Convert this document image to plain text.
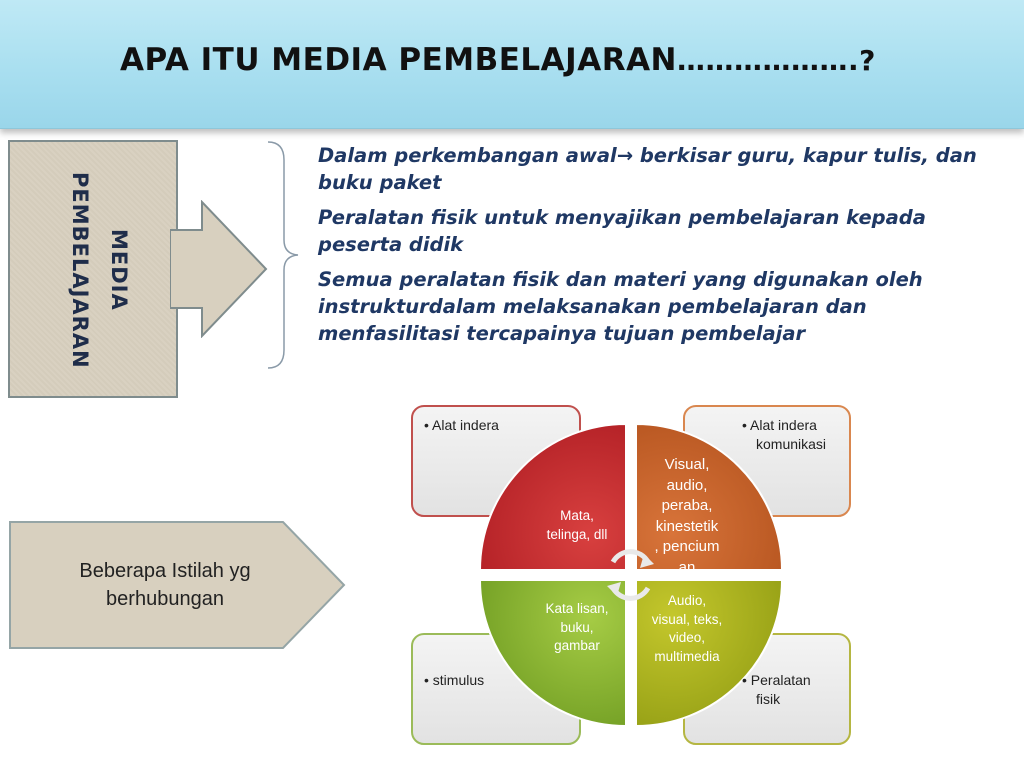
APA ITU MEDIA PEMBELAJARAN……………….?
MEDIA
PEMBELAJARAN

Dalam perkembangan awal→ berkisar guru, kapur tulis, dan buku paket

Peralatan fisik untuk menyajikan pembelajaran kepada peserta didik

Semua peralatan fisik dan materi yang digunakan oleh instrukturdalam melaksanakan pembelajaran dan menfasilitasi tercapainya tujuan pembelajar

Beberapa Istilah yg berhubungan
• Alat indera	• Alat indera
komunikasi
• stimulus	• Peralatan
fisik
Mata,
telinga, dll
Visual,
audio,
peraba,
kinestetik
, pencium
an
Kata lisan,
buku,
gambar
Audio,
visual, teks,
video,
multimedia
